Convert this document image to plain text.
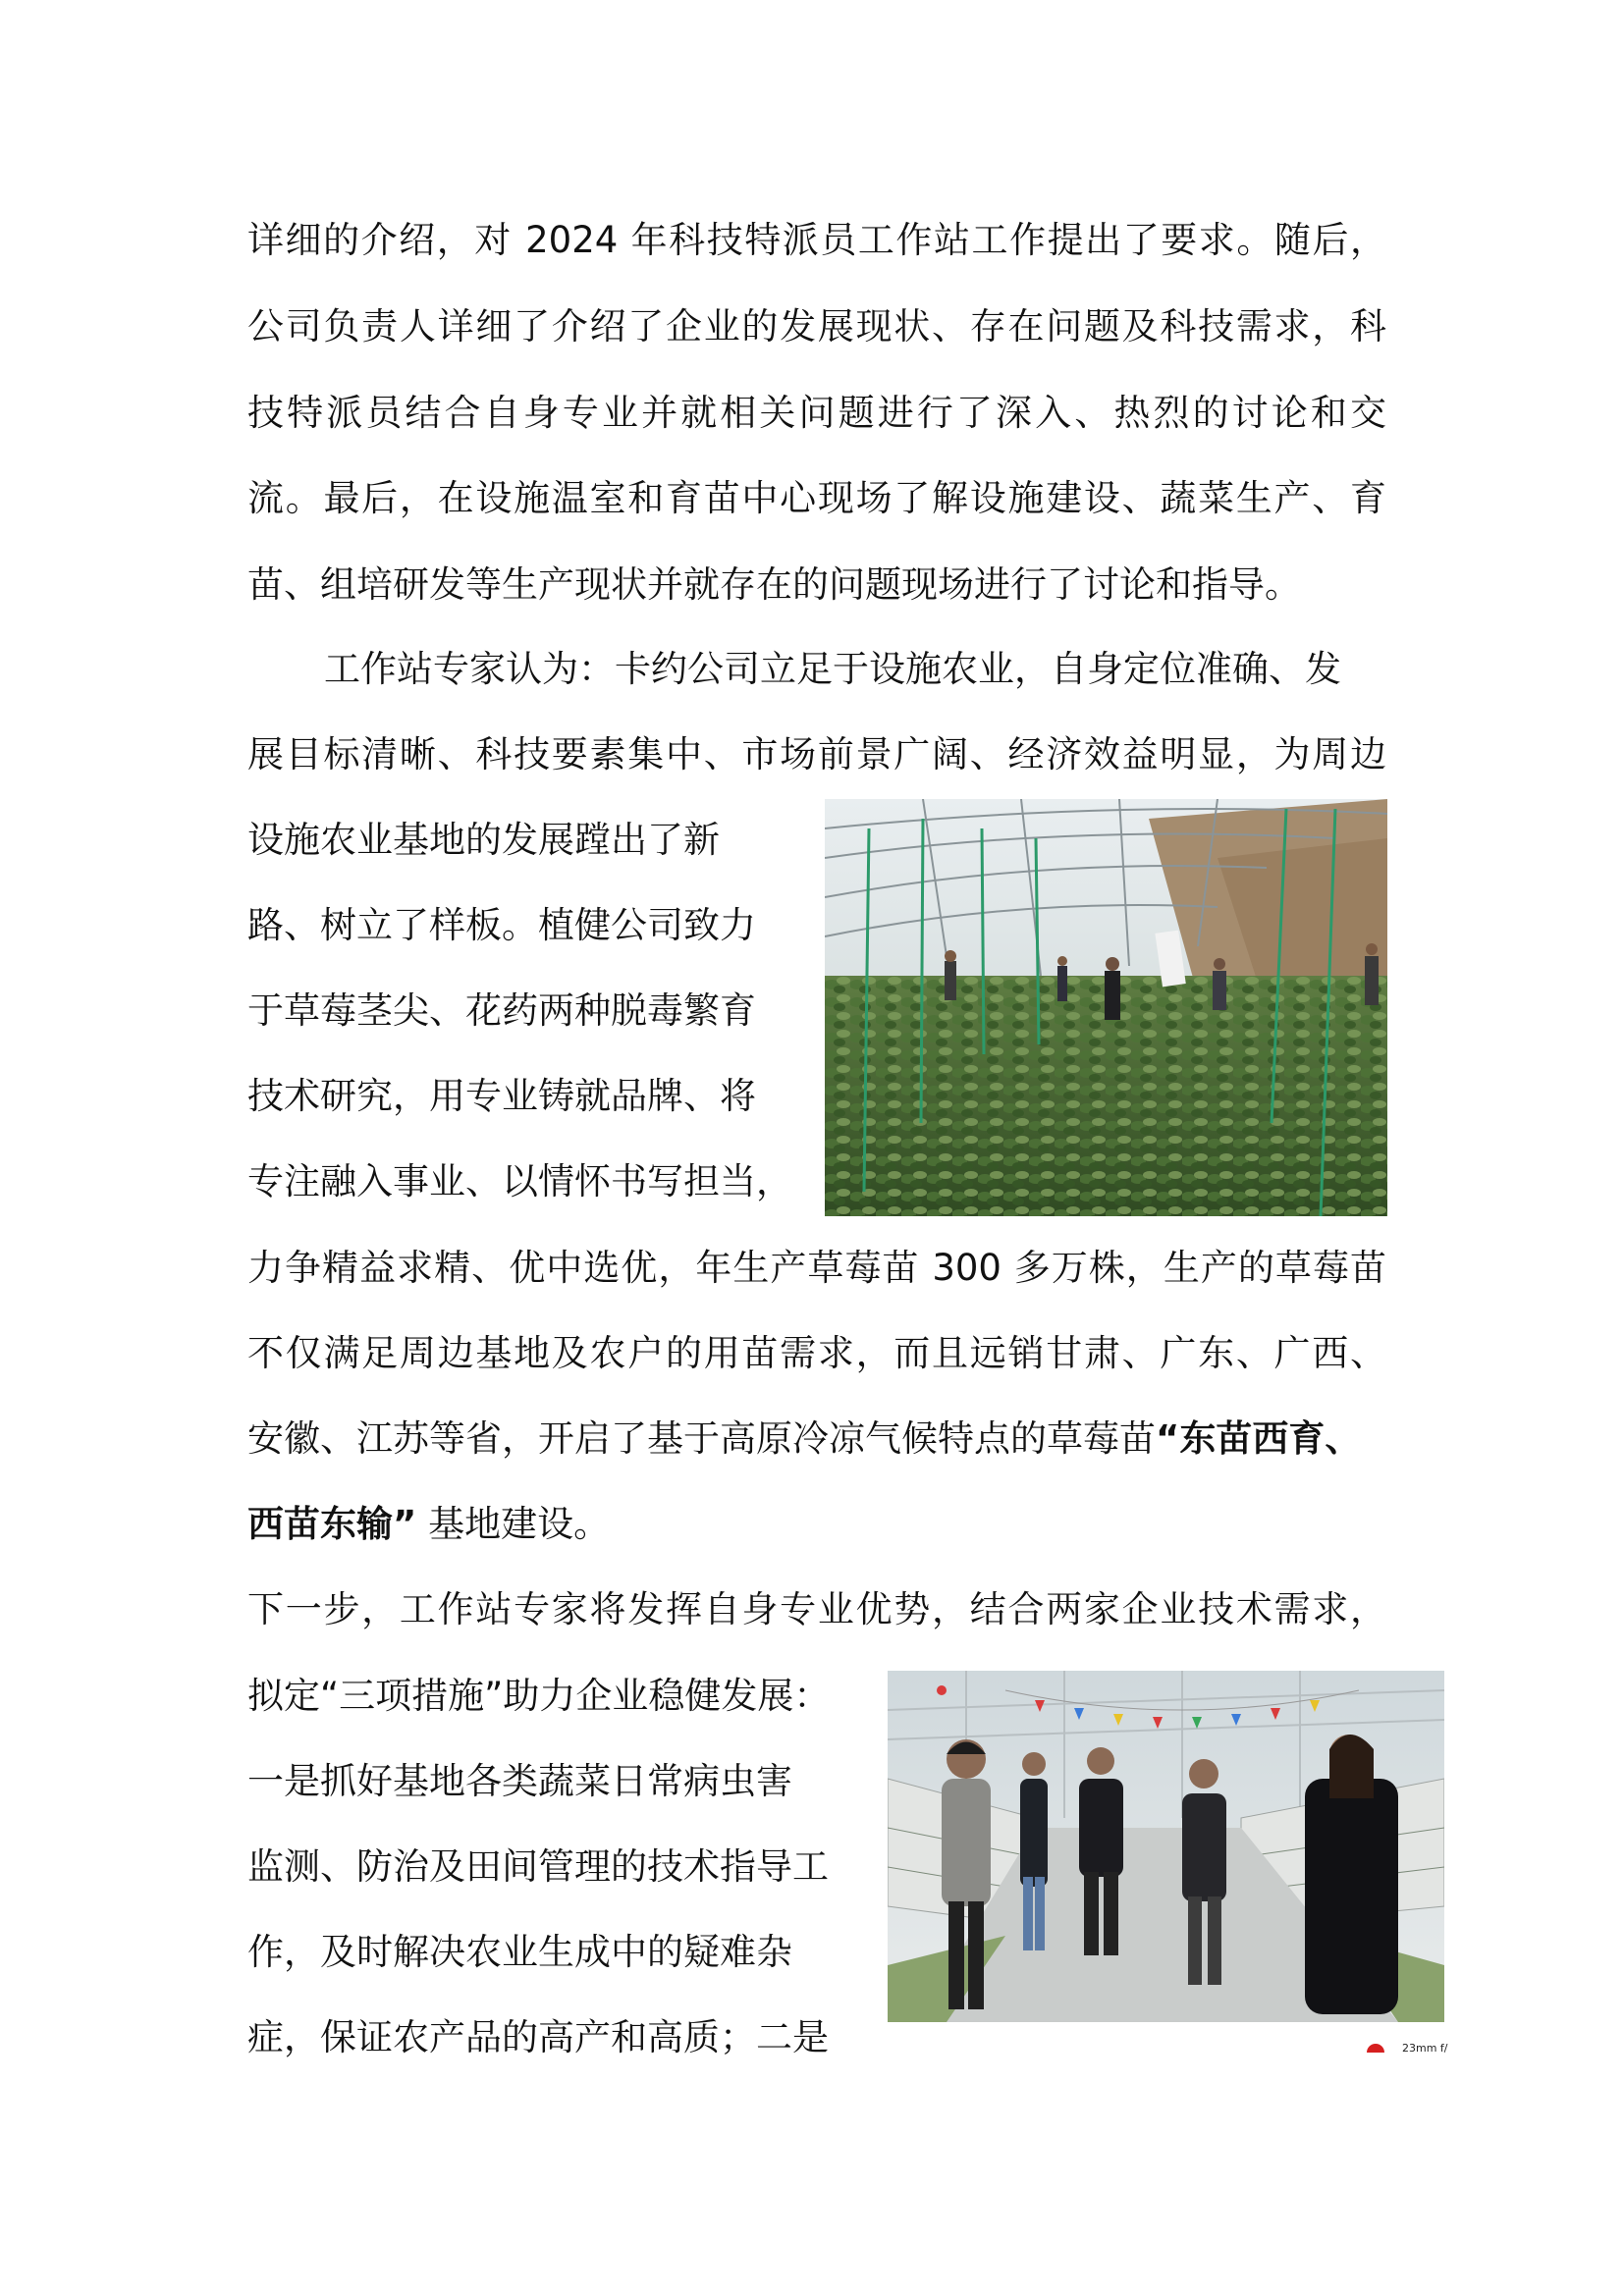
详细的介绍，对 2024 年科技特派员工作站工作提出了要求。随后，
公司负责人详细了介绍了企业的发展现状、存在问题及科技需求，科
技特派员结合自身专业并就相关问题进行了深入、热烈的讨论和交
流。最后，在设施温室和育苗中心现场了解设施建设、蔬菜生产、育
苗、组培研发等生产现状并就存在的问题现场进行了讨论和指导。
工作站专家认为：卡约公司立足于设施农业，自身定位准确、发
展目标清晰、科技要素集中、市场前景广阔、经济效益明显，为周边
设施农业基地的发展蹚出了新
路、树立了样板。植健公司致力
于草莓茎尖、花药两种脱毒繁育
技术研究，用专业铸就品牌、将
专注融入事业、以情怀书写担当，
力争精益求精、优中选优，年生产草莓苗 300 多万株，生产的草莓苗
不仅满足周边基地及农户的用苗需求，而且远销甘肃、广东、广西、
安徽、江苏等省，开启了基于高原冷凉气候特点的草莓苗“东苗西育、
西苗东输” 基地建设。
下一步，工作站专家将发挥自身专业优势，结合两家企业技术需求，
拟定“三项措施”助力企业稳健发展：
一是抓好基地各类蔬菜日常病虫害
监测、防治及田间管理的技术指导工
作，及时解决农业生成中的疑难杂
症，保证农产品的高产和高质；二是	23mm f/
